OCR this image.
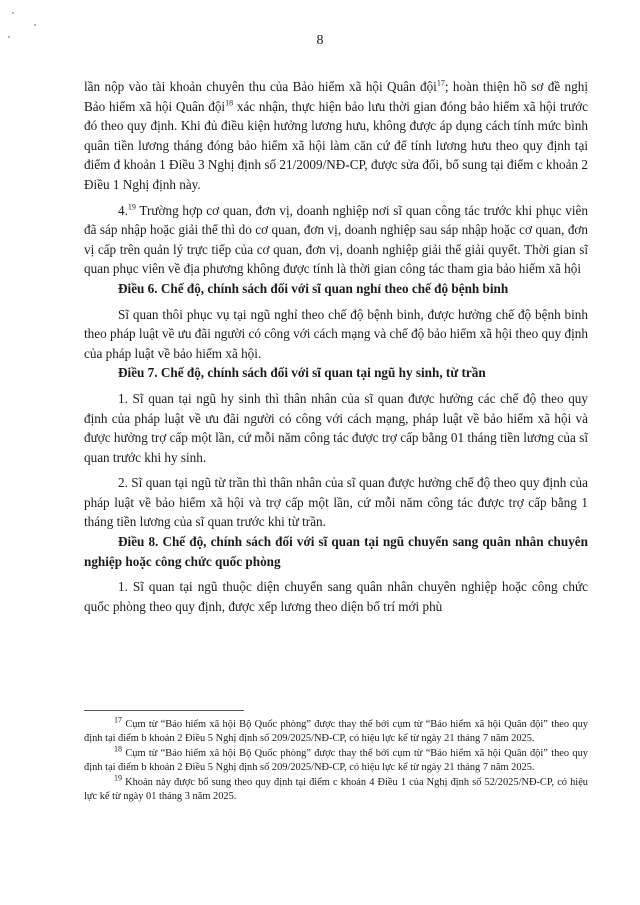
8

lần nộp vào tài khoản chuyên thu của Bảo hiểm xã hội Quân đội$^{17}$; hoàn thiện hồ sơ đề nghị Bảo hiểm xã hội Quân đội$^{18}$ xác nhận, thực hiện bảo lưu thời gian đóng bảo hiểm xã hội trước đó theo quy định. Khi đủ điều kiện hưởng lương hưu, không được áp dụng cách tính mức bình quân tiền lương tháng đóng bảo hiểm xã hội làm căn cứ để tính lương hưu theo quy định tại điểm đ khoản 1 Điều 3 Nghị định số 21/2009/NĐ-CP, được sửa đổi, bổ sung tại điểm c khoản 2 Điều 1 Nghị định này.

4.19 Trường hợp cơ quan, đơn vị, doanh nghiệp nơi sĩ quan công tác trước khi phục viên đã sáp nhập hoặc giải thể thì do cơ quan, đơn vị, doanh nghiệp sau sáp nhập hoặc cơ quan, đơn vị cấp trên quản lý trực tiếp của cơ quan, đơn vị, doanh nghiệp giải thể giải quyết. Thời gian sĩ quan phục viên về địa phương không được tính là thời gian công tác tham gia bảo hiểm xã hội

Điều 6. Chế độ, chính sách đối với sĩ quan nghỉ theo chế độ bệnh binh

Sĩ quan thôi phục vụ tại ngũ nghỉ theo chế độ bệnh binh, được hưởng chế độ bệnh binh theo pháp luật về ưu đãi người có công với cách mạng và chế độ bảo hiểm xã hội theo quy định của pháp luật về bảo hiểm xã hội.

Điều 7. Chế độ, chính sách đối với sĩ quan tại ngũ hy sinh, từ trần

1. Sĩ quan tại ngũ hy sinh thì thân nhân của sĩ quan được hưởng các chế độ theo quy định của pháp luật về ưu đãi người có công với cách mạng, pháp luật về bảo hiểm xã hội và được hưởng trợ cấp một lần, cứ mỗi năm công tác được trợ cấp bằng 01 tháng tiền lương của sĩ quan trước khi hy sinh.

2. Sĩ quan tại ngũ từ trần thì thân nhân của sĩ quan được hưởng chế độ theo quy định của pháp luật về bảo hiểm xã hội và trợ cấp một lần, cứ mỗi năm công tác được trợ cấp bằng 1 tháng tiền lương của sĩ quan trước khi từ trần.

Điều 8. Chế độ, chính sách đối với sĩ quan tại ngũ chuyển sang quân nhân chuyên nghiệp hoặc công chức quốc phòng

1. Sĩ quan tại ngũ thuộc diện chuyển sang quân nhân chuyên nghiệp hoặc công chức quốc phòng theo quy định, được xếp lương theo diện bố trí mới phù

$^{17}$ Cụm từ “Bảo hiểm xã hội Bộ Quốc phòng” được thay thế bởi cụm từ “Bảo hiểm xã hội Quân đội” theo quy định tại điểm b khoản 2 Điều 5 Nghị định số 209/2025/NĐ-CP, có hiệu lực kể từ ngày 21 tháng 7 năm 2025.
$^{18}$ Cụm từ “Bảo hiểm xã hội Bộ Quốc phòng” được thay thế bởi cụm từ “Bảo hiểm xã hội Quân đội” theo quy định tại điểm b khoản 2 Điều 5 Nghị định số 209/2025/NĐ-CP, có hiệu lực kể từ ngày 21 tháng 7 năm 2025.
$^{19}$ Khoản này được bổ sung theo quy định tại điểm c khoản 4 Điều 1 của Nghị định số 52/2025/NĐ-CP, có hiệu lực kể từ ngày 01 tháng 3 năm 2025.
